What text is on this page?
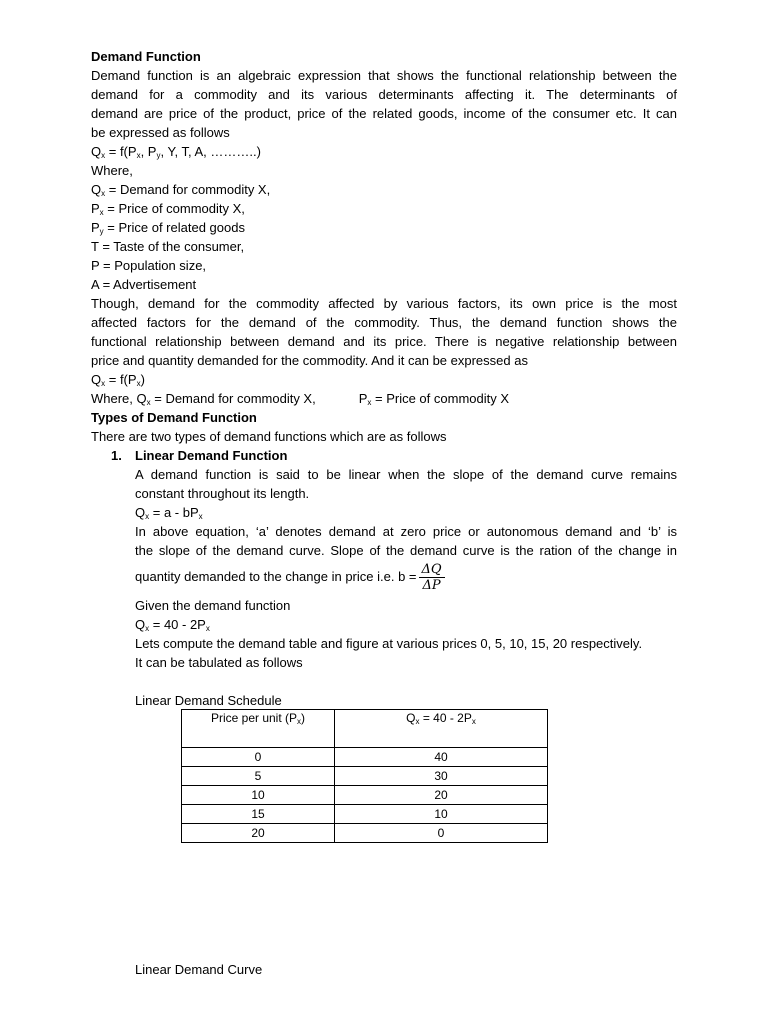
Demand Function
Demand function is an algebraic expression that shows the functional relationship between the
demand for a commodity and its various determinants affecting it. The determinants of
demand are price of the product, price of the related goods, income of the consumer etc. It can
be expressed as follows
$Q_x = f(P_x$, $P_y$, Y, T, A, ………..)
Where,
$Q_x$ = Demand for commodity X,
$P_x$ = Price of commodity X,
$P_y$ = Price of related goods
T = Taste of the consumer,
P = Population size,
A = Advertisement
Though, demand for the commodity affected by various factors, its own price is the most
affected factors for the demand of the commodity. Thus, the demand function shows the
functional relationship between demand and its price. There is negative relationship between
price and quantity demanded for the commodity. And it can be expressed as
$Q_x = f(P_x)$
Where, $Q_x$ = Demand for commodity X,	$P_x$ = Price of commodity X
Types of Demand Function
There are two types of demand functions which are as follows
1. Linear Demand Function
A demand function is said to be linear when the slope of the demand curve remains
constant throughout its length.
$Q_x = a - bP_x$
In above equation, ‘a’ denotes demand at zero price or autonomous demand and ‘b’ is
the slope of the demand curve. Slope of the demand curve is the ration of the change in
quantity demanded to the change in price i.e. $b = \frac{\Delta Q}{\Delta P}$
Given the demand function
$Q_x = 40 - 2P_x$
Lets compute the demand table and figure at various prices 0, 5, 10, 15, 20 respectively.
It can be tabulated as follows
Linear Demand Schedule
Price per unit $(P_x)$	$Q_x = 40 - 2P_x$
0	40
5	30
10	20
15	10
20	0
Linear Demand Curve
